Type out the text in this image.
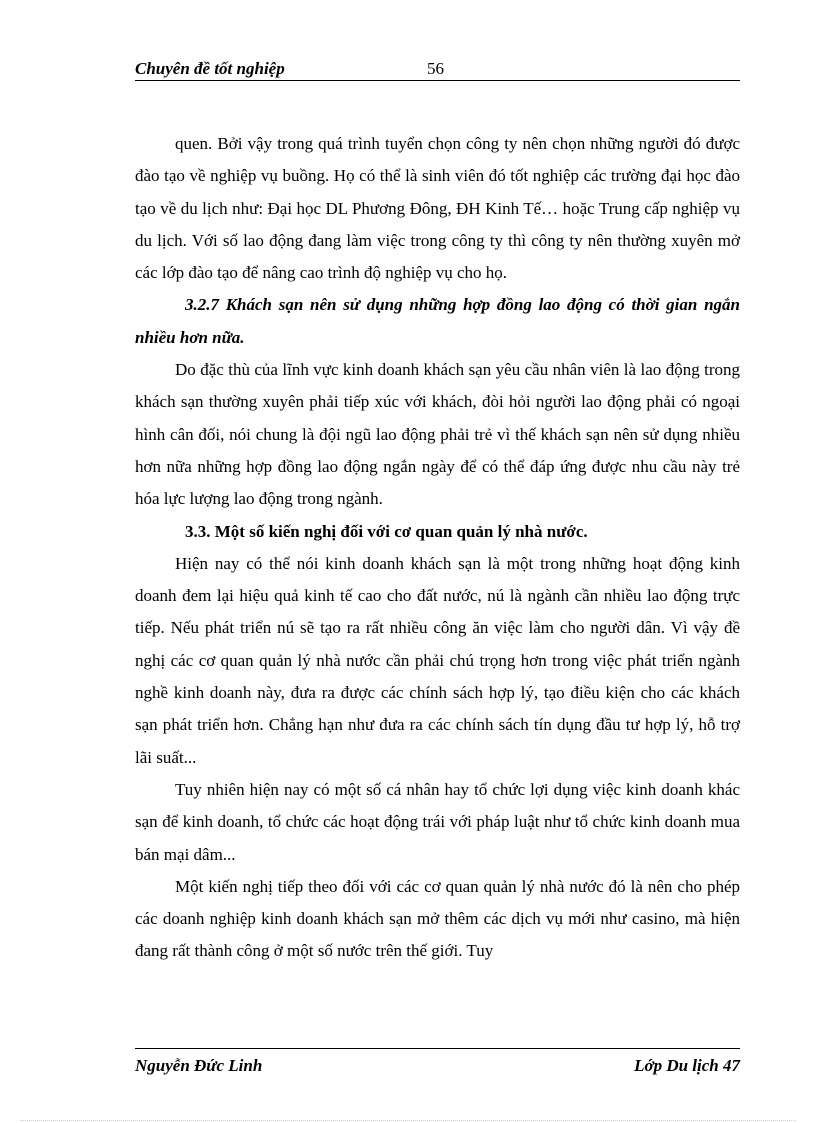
Chuyên đề tốt nghiệp	56

quen. Bởi vậy trong quá trình tuyển chọn công ty nên chọn những người đó được đào tạo về nghiệp vụ buồng. Họ có thể là sinh viên đó tốt nghiệp các trường đại học đào tạo về du lịch như: Đại học DL Phương Đông, ĐH Kinh Tế… hoặc Trung cấp nghiệp vụ du lịch. Với số lao động đang làm việc trong công ty thì công ty nên thường xuyên mở các lớp đào tạo để nâng cao trình độ nghiệp vụ cho họ.

3.2.7 Khách sạn nên sử dụng những hợp đồng lao động có thời gian ngắn nhiều hơn nữa.

Do đặc thù của lĩnh vực kinh doanh khách sạn yêu cầu nhân viên là lao động trong khách sạn thường xuyên phải tiếp xúc với khách, đòi hỏi người lao động phải có ngoại hình cân đối, nói chung là đội ngũ lao động phải trẻ vì thế khách sạn nên sử dụng nhiều hơn nữa những hợp đồng lao động ngắn ngày để có thể đáp ứng được nhu cầu này trẻ hóa lực lượng lao động trong ngành.

3.3. Một số kiến nghị đối với cơ quan quản lý nhà nước.

Hiện nay có thể nói kinh doanh khách sạn là một trong những hoạt động kinh doanh đem lại hiệu quả kinh tế cao cho đất nước, nú là ngành cần nhiều lao động trực tiếp. Nếu phát triển nú sẽ tạo ra rất nhiều công ăn việc làm cho người dân. Vì vậy đề nghị các cơ quan quản lý nhà nước cần phải chú trọng hơn trong việc phát triển ngành nghề kinh doanh này, đưa ra được các chính sách hợp lý, tạo điều kiện cho các khách sạn phát triển hơn. Chẳng hạn như đưa ra các chính sách tín dụng đầu tư hợp lý, hỗ trợ lãi suất...

Tuy nhiên hiện nay có một số cá nhân hay tổ chức lợi dụng việc kinh doanh khác sạn để kinh doanh, tổ chức các hoạt động trái với pháp luật như tổ chức kinh doanh mua bán mại dâm...

Một kiến nghị tiếp theo đối với các cơ quan quản lý nhà nước đó là nên cho phép các doanh nghiệp kinh doanh khách sạn mở thêm các dịch vụ mới như casino, mà hiện đang rất thành công ở một số nước trên thế giới. Tuy

Nguyễn Đức Linh	Lớp Du lịch 47
